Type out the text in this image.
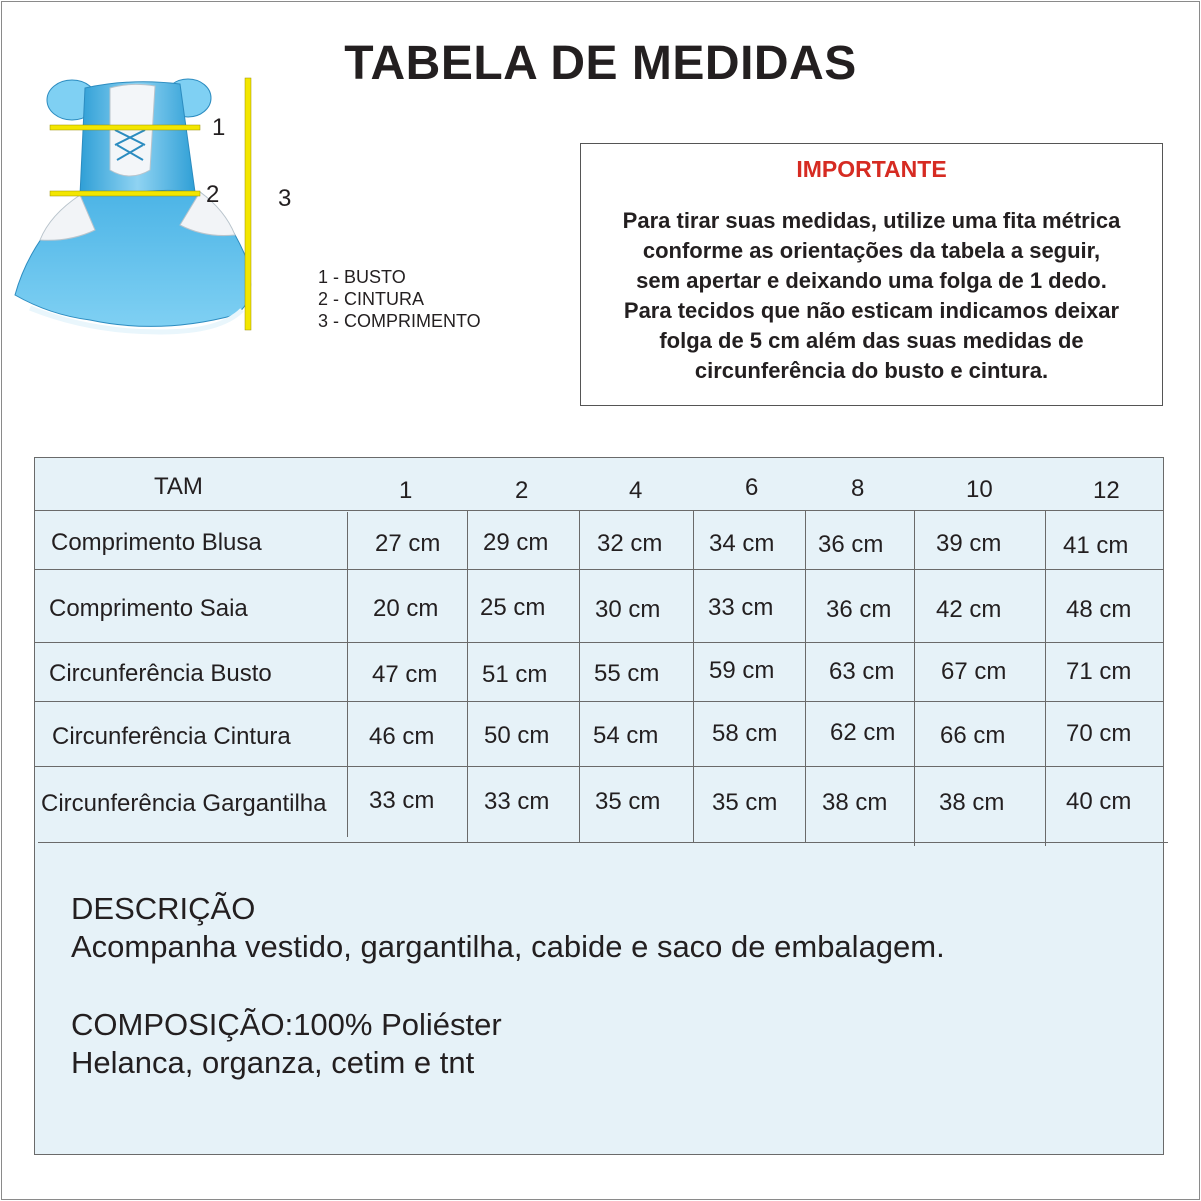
TABELA DE MEDIDAS
1
2 3
1 - BUSTO
2 - CINTURA
3 - COMPRIMENTO
IMPORTANTE
Para tirar suas medidas, utilize uma fita métrica
conforme as orientações da tabela a seguir,
sem apertar e deixando uma folga de 1 dedo.
Para tecidos que não esticam indicamos deixar
folga de 5 cm além das suas medidas de
circunferência do busto e cintura.
TAM	1	2	4	6	8	10	12
Comprimento Blusa	27 cm 29 cm 32 cm 34 cm 36 cm 39 cm	41 cm
Comprimento Saia	20 cm 25 cm 30 cm 33 cm 36 cm 42 cm	48 cm
Circunferência Busto	47 cm 51 cm 55 cm 59 cm 63 cm 67 cm 71 cm
Circunferência Cintura	46 cm 50 cm 54 cm 58 cm 62 cm 66 cm	70 cm
Circunferência Gargantilha 33 cm 33 cm 35 cm 35 cm 38 cm 38 cm	40 cm
DESCRIÇÃO
Acompanha vestido, gargantilha, cabide e saco de embalagem.
COMPOSIÇÃO:100% Poliéster
Helanca, organza, cetim e tnt
